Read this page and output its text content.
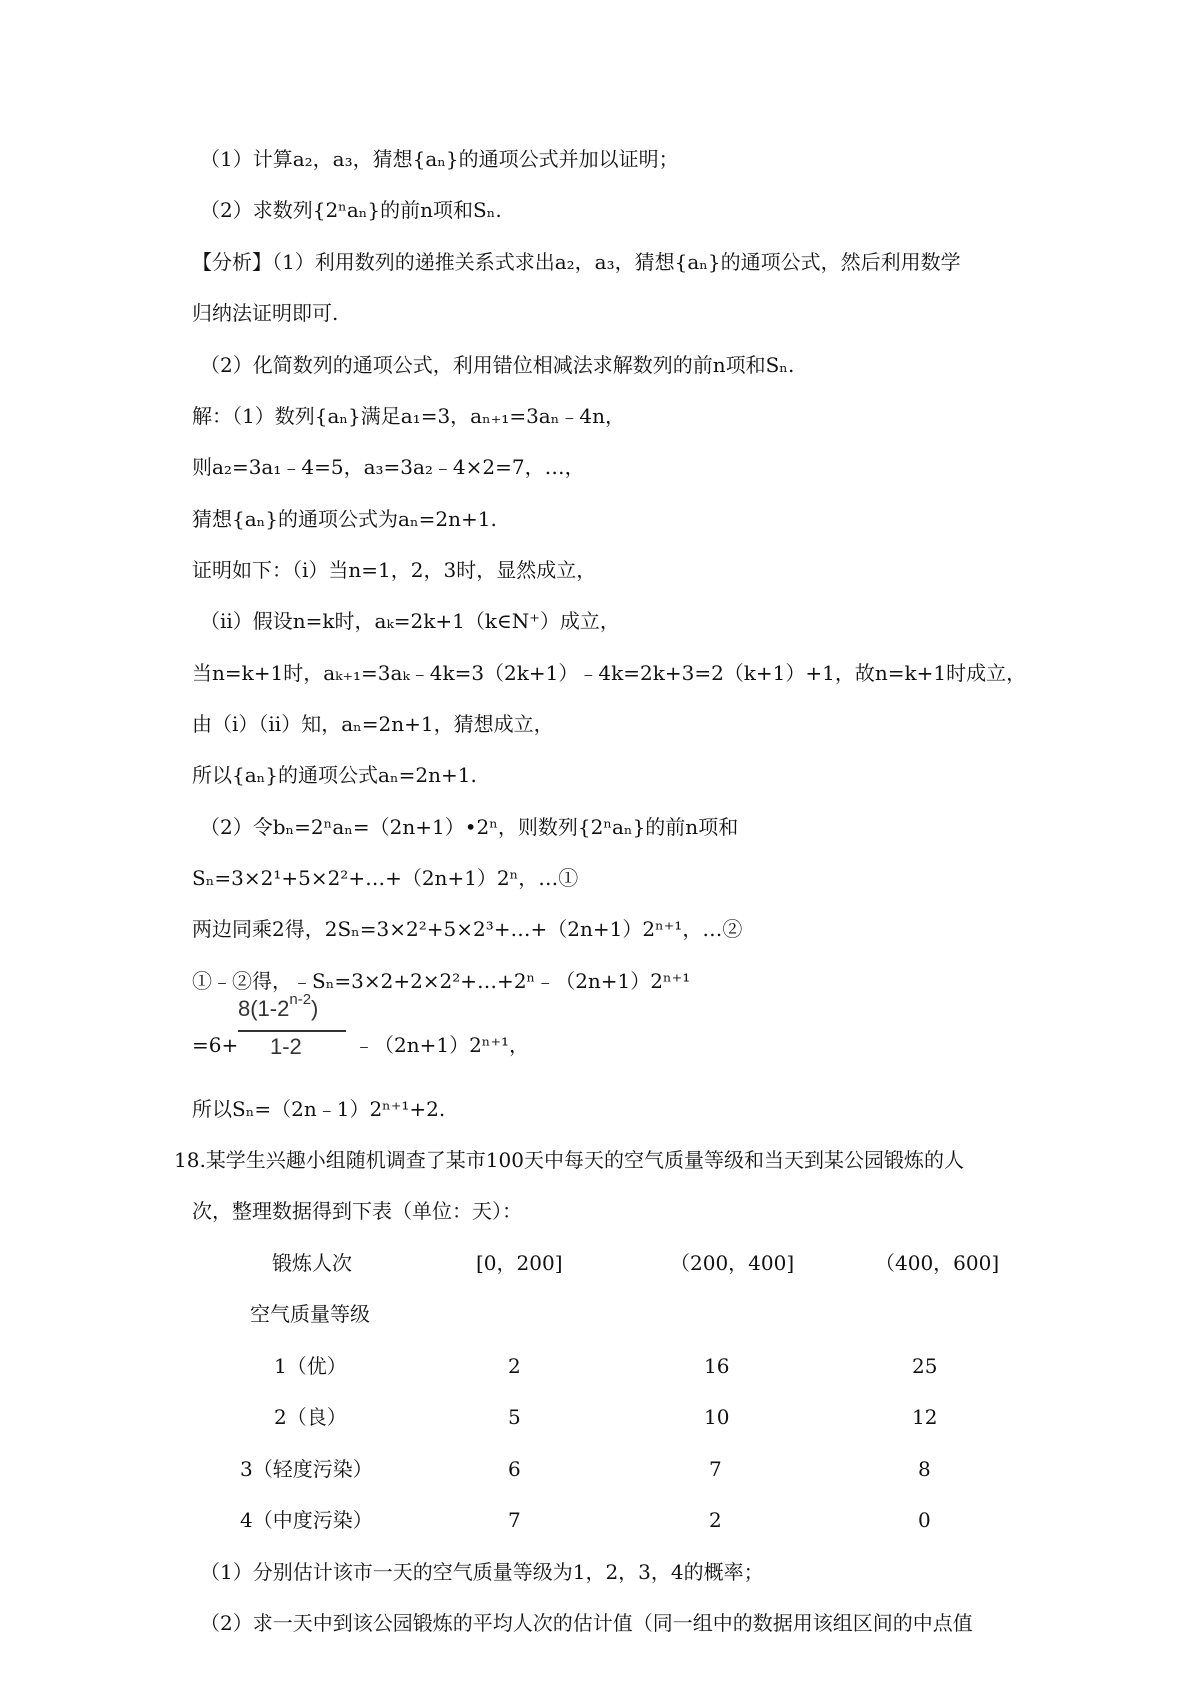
（1）计算a₂，a₃，猜想{aₙ}的通项公式并加以证明；
（2）求数列{2ⁿaₙ}的前n项和Sₙ.
【分析】（1）利用数列的递推关系式求出a₂，a₃，猜想{aₙ}的通项公式，然后利用数学
归纳法证明即可.
（2）化简数列的通项公式，利用错位相减法求解数列的前n项和Sₙ.
解：（1）数列{aₙ}满足a₁=3，aₙ₊₁=3aₙ﹣4n，
则a₂=3a₁﹣4=5，a₃=3a₂﹣4×2=7，…，
猜想{aₙ}的通项公式为aₙ=2n+1.
证明如下：（i）当n=1，2，3时，显然成立，
（ii）假设n=k时，aₖ=2k+1（k∈N⁺）成立，
当n=k+1时，aₖ₊₁=3aₖ﹣4k=3（2k+1）﹣4k=2k+3=2（k+1）+1，故n=k+1时成立，
由（i）（ii）知，aₙ=2n+1，猜想成立，
所以{aₙ}的通项公式aₙ=2n+1.
（2）令bₙ=2ⁿaₙ=（2n+1）•2ⁿ，则数列{2ⁿaₙ}的前n项和
Sₙ=3×2¹+5×2²+…+（2n+1）2ⁿ，…①
两边同乘2得，2Sₙ=3×2²+5×2³+…+（2n+1）2ⁿ⁺¹，…②
①﹣②得，﹣Sₙ=3×2+2×2²+…+2ⁿ﹣（2n+1）2ⁿ⁺¹
=6+
$8(1-2^{n-2})$
1-2	﹣（2n+1）2ⁿ⁺¹，
所以Sₙ=（2n﹣1）2ⁿ⁺¹+2.
18.某学生兴趣小组随机调查了某市100天中每天的空气质量等级和当天到某公园锻炼的人
次，整理数据得到下表（单位：天）：
锻炼人次	[0，200]	（200，400]	（400，600]
空气质量等级
1（优）	2	16	25
2（良）	5	10	12
3（轻度污染）	6	7	8
4（中度污染）	7	2	0
（1）分别估计该市一天的空气质量等级为1，2，3，4的概率；
（2）求一天中到该公园锻炼的平均人次的估计值（同一组中的数据用该组区间的中点值
